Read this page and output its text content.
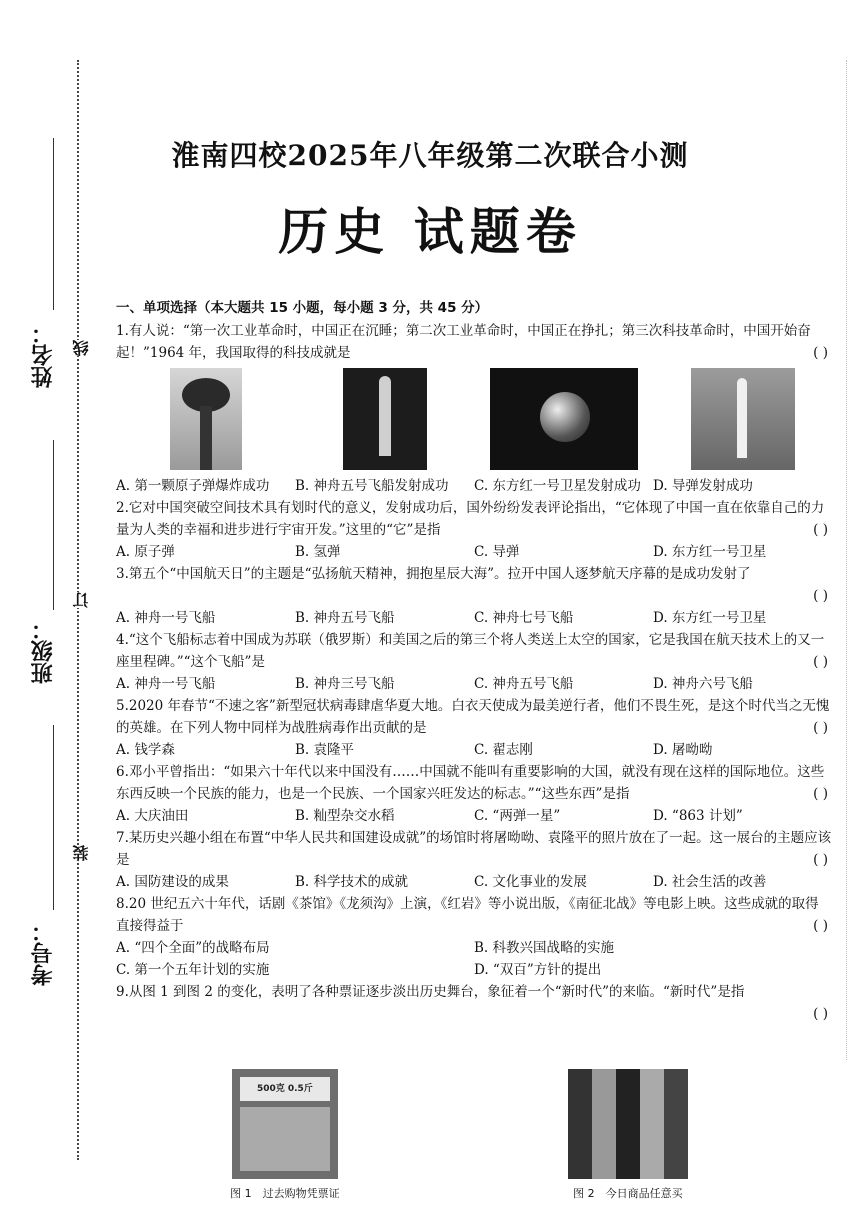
线
订
装
姓名：
班级：
考号：
淮南四校2025年八年级第二次联合小测
历史 试题卷
一、单项选择（本大题共 15 小题，每小题 3 分，共 45 分）
1.有人说：“第一次工业革命时，中国正在沉睡；第二次工业革命时，中国正在挣扎；第三次科技革命时，中国开始奋起！”1964 年，我国取得的科技成就是	( )
A. 第一颗原子弹爆炸成功	B. 神舟五号飞船发射成功	C. 东方红一号卫星发射成功 D. 导弹发射成功
2.它对中国突破空间技术具有划时代的意义，发射成功后，国外纷纷发表评论指出，“它体现了中国一直在依靠自己的力量为人类的幸福和进步进行宇宙开发。”这里的“它”是指	( )
A. 原子弹	B. 氢弹	C. 导弹	D. 东方红一号卫星
3.第五个“中国航天日”的主题是“弘扬航天精神，拥抱星辰大海”。拉开中国人逐梦航天序幕的是成功发射了
( )
A. 神舟一号飞船	B. 神舟五号飞船	C. 神舟七号飞船	D. 东方红一号卫星
4.“这个飞船标志着中国成为苏联（俄罗斯）和美国之后的第三个将人类送上太空的国家，它是我国在航天技术上的又一座里程碑。”“这个飞船”是	( )
A. 神舟一号飞船	B. 神舟三号飞船	C. 神舟五号飞船	D. 神舟六号飞船
5.2020 年春节“不速之客”新型冠状病毒肆虐华夏大地。白衣天使成为最美逆行者，他们不畏生死，是这个时代当之无愧的英雄。在下列人物中同样为战胜病毒作出贡献的是	( )
A. 钱学森	B. 袁隆平	C. 翟志刚	D. 屠呦呦
6.邓小平曾指出：“如果六十年代以来中国没有……中国就不能叫有重要影响的大国，就没有现在这样的国际地位。这些东西反映一个民族的能力，也是一个民族、一个国家兴旺发达的标志。”“这些东西”是指	( )
A. 大庆油田	B. 籼型杂交水稻	C. “两弹一星”	D. “863 计划”
7.某历史兴趣小组在布置“中华人民共和国建设成就”的场馆时将屠呦呦、袁隆平的照片放在了一起。这一展台的主题应该是	( )
A. 国防建设的成果	B. 科学技术的成就	C. 文化事业的发展	D. 社会生活的改善
8.20 世纪五六十年代，话剧《茶馆》《龙须沟》上演，《红岩》等小说出版，《南征北战》等电影上映。这些成就的取得直接得益于	( )
A. “四个全面”的战略布局	B. 科教兴国战略的实施
C. 第一个五年计划的实施	D. “双百”方针的提出
9.从图 1 到图 2 的变化，表明了各种票证逐步淡出历史舞台，象征着一个“新时代”的来临。“新时代”是指
( )
500克 0.5斤
图 1　过去购物凭票证	图 2　今日商品任意买
